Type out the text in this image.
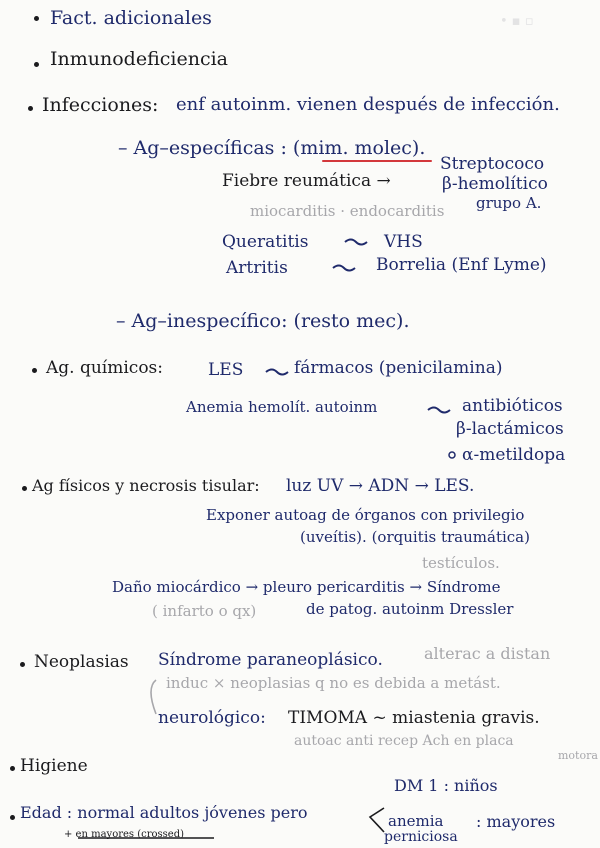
• ▪ ▫
Fact. adicionales
Inmunodeficiencia
Infecciones: enf autoinm. vienen después de infección.
– Ag–específicas : (mim. molec).
Fiebre reumática →
Streptococo
β-hemolítico
grupo A.
miocarditis · endocarditis
Queratitis	VHS
Artritis	Borrelia (Enf Lyme)
– Ag–inespecífico: (resto mec).
Ag. químicos:	LES	fármacos (penicilamina)
Anemia hemolít. autoinm	antibióticos
β-lactámicos
α-metildopa
Ag físicos y necrosis tisular: luz UV → ADN → LES.
Exponer autoag de órganos con privilegio
(uveítis). (orquitis traumática)
testículos.
Daño miocárdico → pleuro pericarditis → Síndrome
( infarto o qx)	de patog. autoinm Dressler
Neoplasias Síndrome paraneoplásico.	alterac a distan
induc × neoplasias q no es debida a metást.
neurológico: TIMOMA ~ miastenia gravis.
autoac anti recep Ach en placa
motora
Higiene
Edad : normal adultos jóvenes pero
+ en mayores (crossed)
DM 1 : niños
anemia
perniciosa
: mayores
